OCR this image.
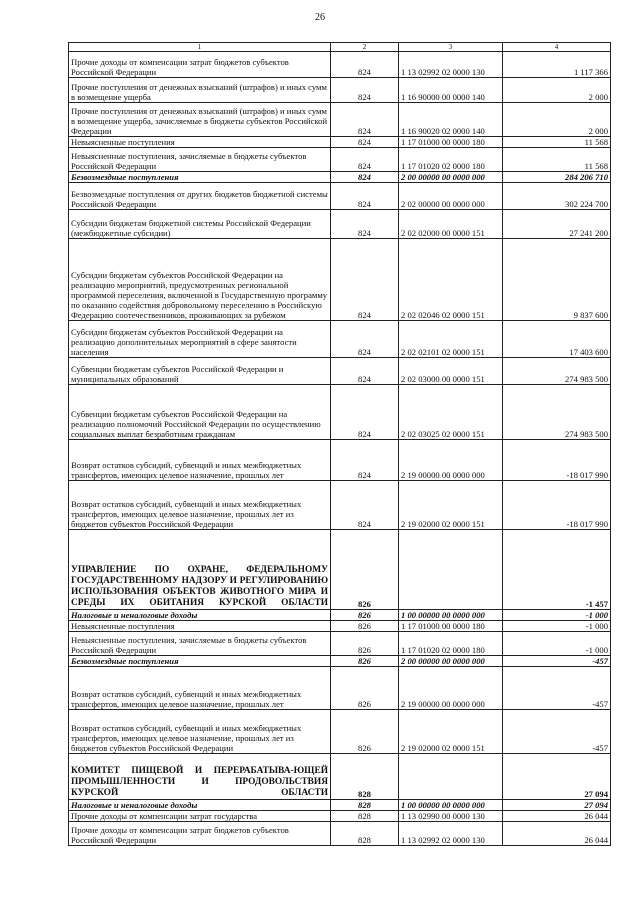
26
1	2	3	4
Прочие доходы от компенсации затрат бюджетов субъектов Российской Федерации	824	1 13 02992 02 0000 130	1 117 366
Прочие поступления от денежных взысканий (штрафов) и иных сумм в возмещение ущерба	824	1 16 90000 00 0000 140	2 000
Прочие поступления от денежных взысканий (штрафов) и иных сумм в возмещение ущерба, зачисляемые в бюджеты субъектов Российской Федерации	824	1 16 90020 02 0000 140	2 000
Невыясненные поступления	824	1 17 01000 00 0000 180	11 568
Невыясненные поступления, зачисляемые в бюджеты субъектов Российской Федерации	824	1 17 01020 02 0000 180	11 568
Безвозмездные поступления	824	2 00 00000 00 0000 000	284 206 710
Безвозмездные поступления от других бюджетов бюджетной системы Российской Федерации	824	2 02 00000 00 0000 000	302 224 700
Субсидии бюджетам бюджетной системы Российской Федерации (межбюджетные субсидии)	824	2 02 02000 00 0000 151	27 241 200
Субсидии бюджетам субъектов Российской Федерации на реализацию мероприятий, предусмотренных региональной программой переселения, включенной в Государственную программу по оказанию содействия добровольному переселению в Российскую Федерацию соотечественников, проживающих за рубежом	824	2 02 02046 02 0000 151	9 837 600
Субсидии бюджетам субъектов Российской Федерации на реализацию дополнительных мероприятий в сфере занятости населения	824	2 02 02101 02 0000 151	17 403 600
Субвенции бюджетам субъектов Российской Федерации и муниципальных образований	824	2 02 03000 00 0000 151	274 983 500
Субвенции бюджетам субъектов Российской Федерации на реализацию полномочий Российской Федерации по осуществлению социальных выплат безработным гражданам	824	2 02 03025 02 0000 151	274 983 500
Возврат остатков субсидий, субвенций и иных межбюджетных трансфертов, имеющих целевое назначение, прошлых лет	824	2 19 00000 00 0000 000	-18 017 990
Возврат остатков субсидий, субвенций и иных межбюджетных трансфертов, имеющих целевое назначение, прошлых лет из бюджетов субъектов Российской Федерации	824	2 19 02000 02 0000 151	-18 017 990
УПРАВЛЕНИЕ ПО ОХРАНЕ, ФЕДЕРАЛЬНОМУ ГОСУДАРСТВЕННОМУ НАДЗОРУ И РЕГУЛИРОВАНИЮ ИСПОЛЬЗОВАНИЯ ОБЪЕКТОВ ЖИВОТНОГО МИРА И СРЕДЫ ИХ ОБИТАНИЯ КУРСКОЙ ОБЛАСТИ	826		-1 457
Налоговые и неналоговые доходы	826	1 00 00000 00 0000 000	-1 000
Невыясненные поступления	826	1 17 01000 00 0000 180	-1 000
Невыясненные поступления, зачисляемые в бюджеты субъектов Российской Федерации	826	1 17 01020 02 0000 180	-1 000
Безвозмездные поступления	826	2 00 00000 00 0000 000	-457
Возврат остатков субсидий, субвенций и иных межбюджетных трансфертов, имеющих целевое назначение, прошлых лет	826	2 19 00000 00 0000 000	-457
Возврат остатков субсидий, субвенций и иных межбюджетных трансфертов, имеющих целевое назначение, прошлых лет из бюджетов субъектов Российской Федерации	826	2 19 02000 02 0000 151	-457
КОМИТЕТ ПИЩЕВОЙ И ПЕРЕРАБАТЫВА-ЮЩЕЙ ПРОМЫШЛЕННОСТИ И ПРОДОВОЛЬСТВИЯ КУРСКОЙ ОБЛАСТИ	828		27 094
Налоговые и неналоговые доходы	828	1 00 00000 00 0000 000	27 094
Прочие доходы от компенсации затрат государства	828	1 13 02990 00 0000 130	26 044
Прочие доходы от компенсации затрат бюджетов субъектов Российской Федерации	828	1 13 02992 02 0000 130	26 044
